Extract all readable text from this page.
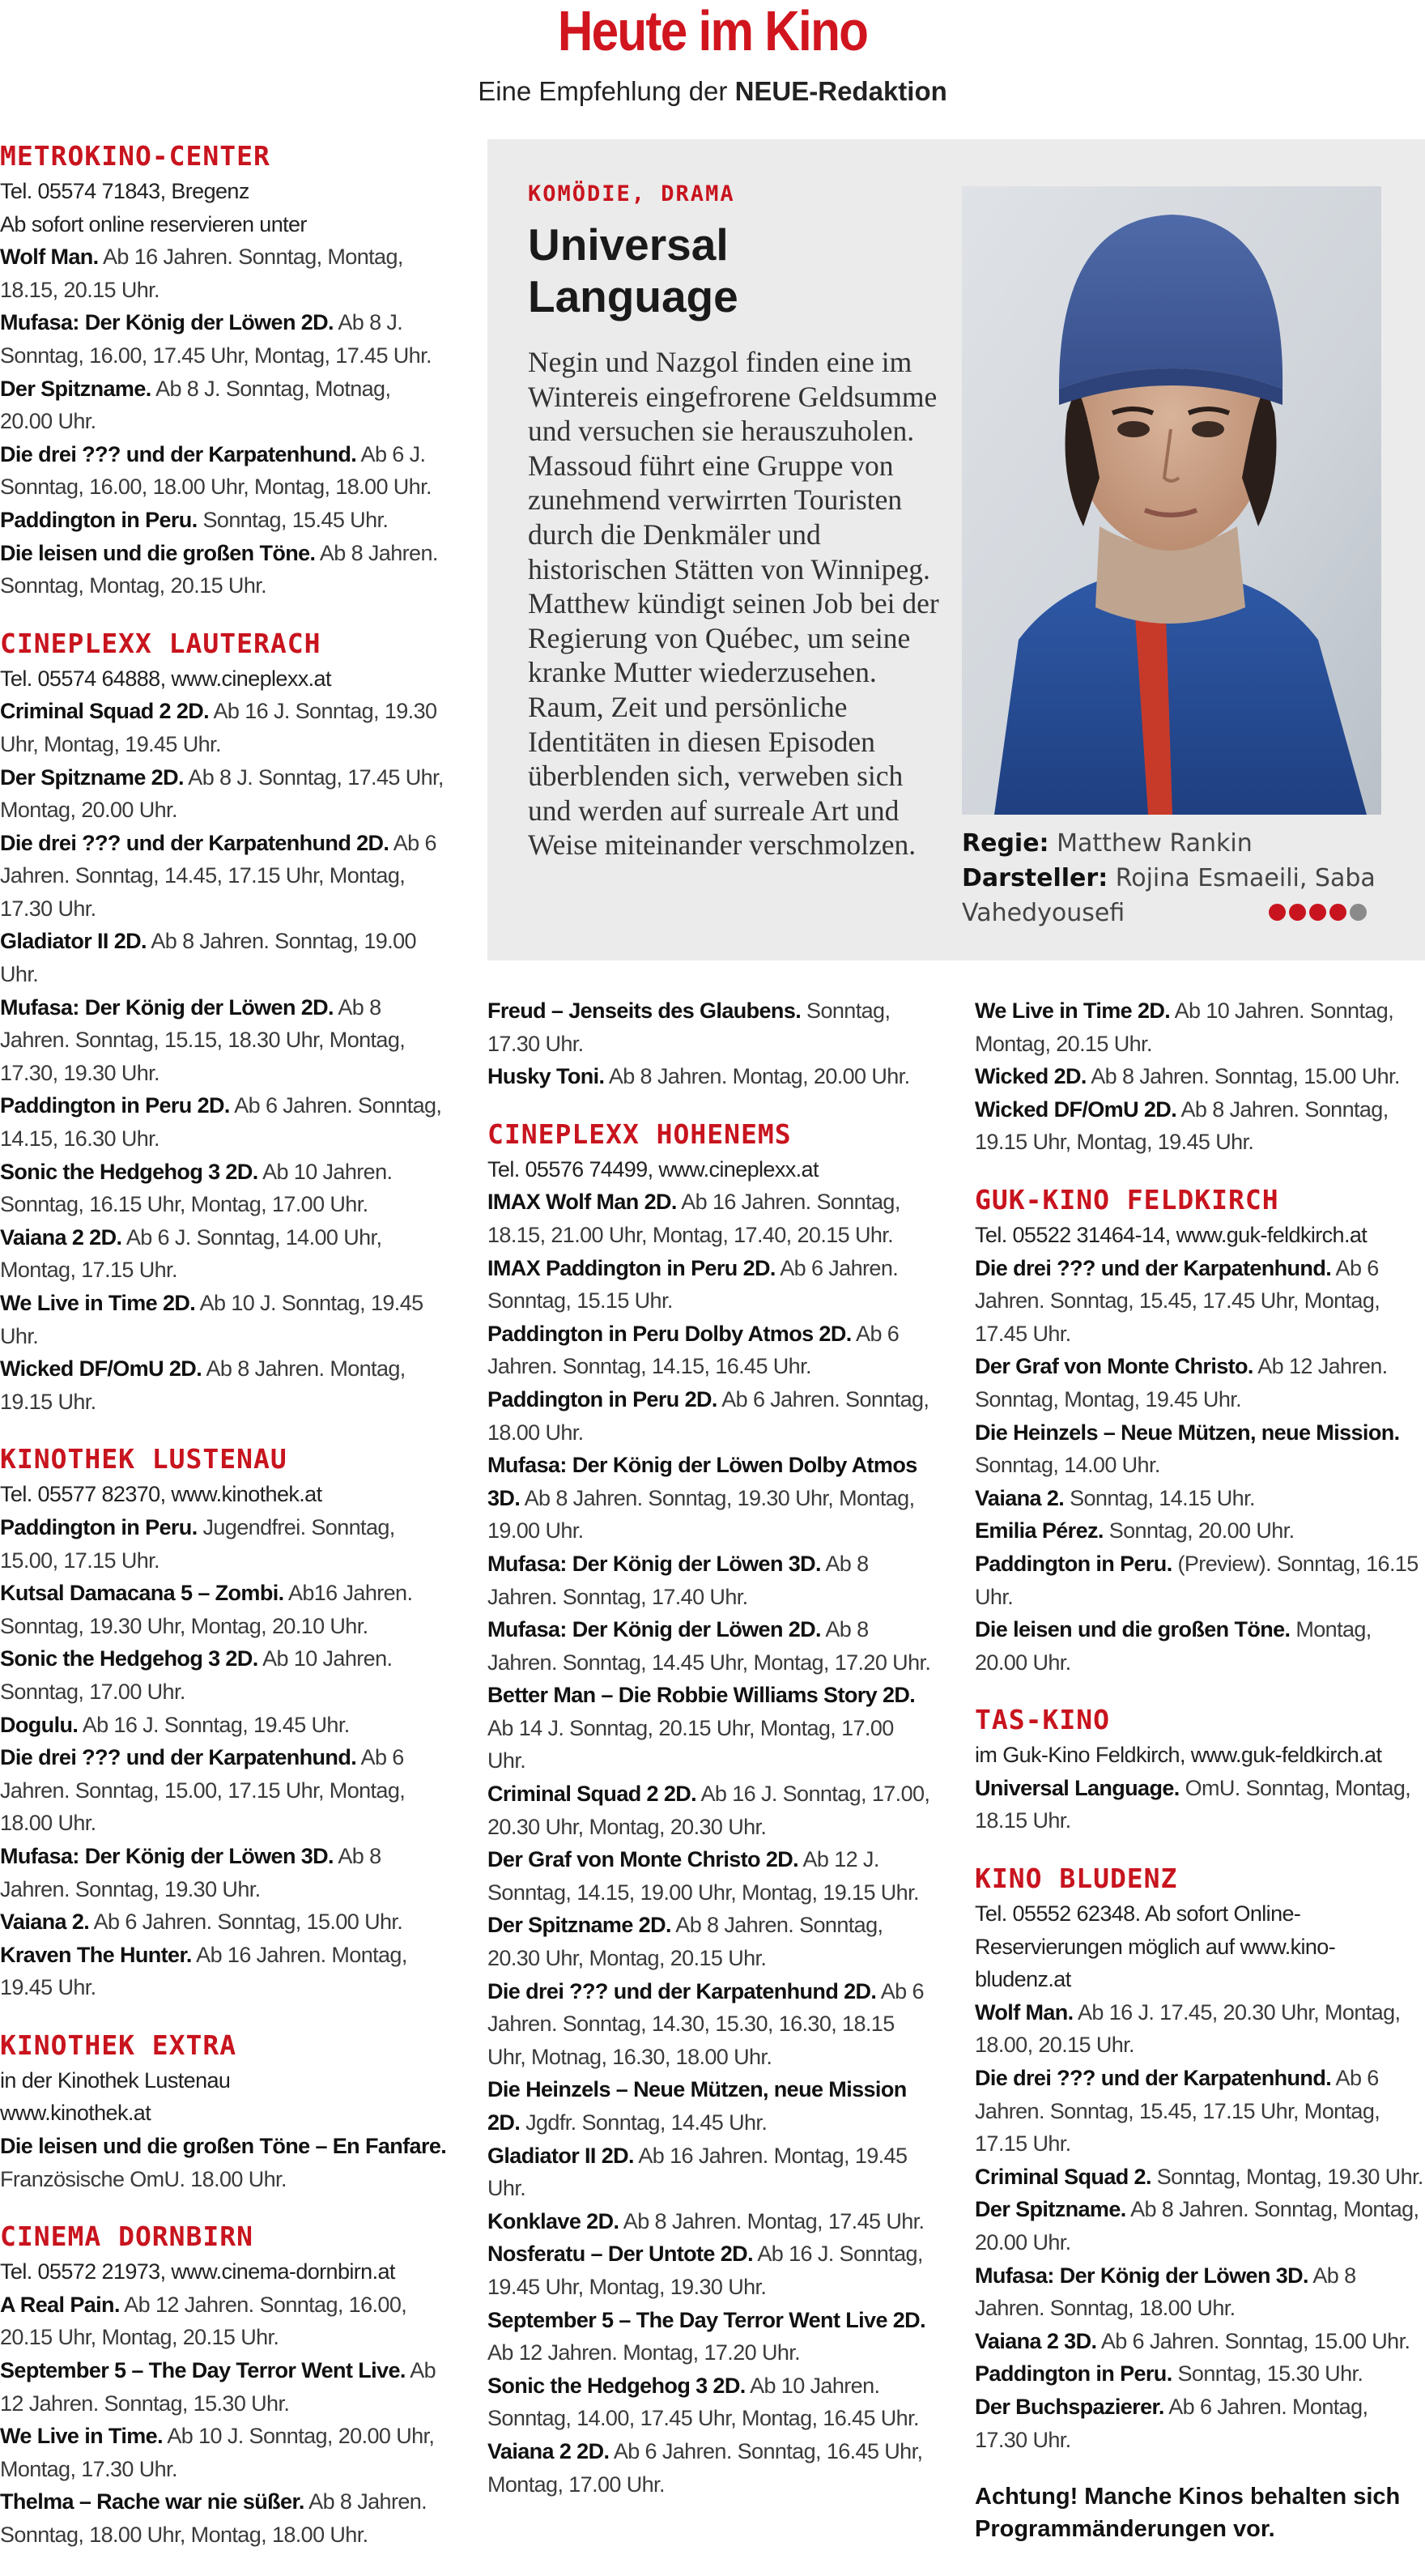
Heute im Kino
Eine Empfehlung der NEUE-Redaktion
METROKINO-CENTER
Tel. 05574 71843, Bregenz
Ab sofort online reservieren unter
Wolf Man. Ab 16 Jahren. Sonntag, Montag, 18.15, 20.15 Uhr.
Mufasa: Der König der Löwen 2D. Ab 8 J. Sonntag, 16.00, 17.45 Uhr, Montag, 17.45 Uhr.
Der Spitzname. Ab 8 J. Sonntag, Motnag, 20.00 Uhr.
Die drei ??? und der Karpatenhund. Ab 6 J. Sonntag, 16.00, 18.00 Uhr, Montag, 18.00 Uhr.
Paddington in Peru. Sonntag, 15.45 Uhr.
Die leisen und die großen Töne. Ab 8 Jahren. Sonntag, Montag, 20.15 Uhr.
CINEPLEXX LAUTERACH
Tel. 05574 64888, www.cineplexx.at
Criminal Squad 2 2D. Ab 16 J. Sonntag, 19.30 Uhr, Montag, 19.45 Uhr.
Der Spitzname 2D. Ab 8 J. Sonntag, 17.45 Uhr, Montag, 20.00 Uhr.
Die drei ??? und der Karpatenhund 2D. Ab 6 Jahren. Sonntag, 14.45, 17.15 Uhr, Montag, 17.30 Uhr.
Gladiator II 2D. Ab 8 Jahren. Sonntag, 19.00 Uhr.
Mufasa: Der König der Löwen 2D. Ab 8 Jahren. Sonntag, 15.15, 18.30 Uhr, Montag, 17.30, 19.30 Uhr.
Paddington in Peru 2D. Ab 6 Jahren. Sonntag, 14.15, 16.30 Uhr.
Sonic the Hedgehog 3 2D. Ab 10 Jahren. Sonntag, 16.15 Uhr, Montag, 17.00 Uhr.
Vaiana 2 2D. Ab 6 J. Sonntag, 14.00 Uhr, Montag, 17.15 Uhr.
We Live in Time 2D. Ab 10 J. Sonntag, 19.45 Uhr.
Wicked DF/OmU 2D. Ab 8 Jahren. Montag, 19.15 Uhr.
KINOTHEK LUSTENAU
Tel. 05577 82370, www.kinothek.at
Paddington in Peru. Jugendfrei. Sonntag, 15.00, 17.15 Uhr.
Kutsal Damacana 5 – Zombi. Ab16 Jahren. Sonntag, 19.30 Uhr, Montag, 20.10 Uhr.
Sonic the Hedgehog 3 2D. Ab 10 Jahren. Sonntag, 17.00 Uhr.
Dogulu. Ab 16 J. Sonntag, 19.45 Uhr.
Die drei ??? und der Karpatenhund. Ab 6 Jahren. Sonntag, 15.00, 17.15 Uhr, Montag, 18.00 Uhr.
Mufasa: Der König der Löwen 3D. Ab 8 Jahren. Sonntag, 19.30 Uhr.
Vaiana 2. Ab 6 Jahren. Sonntag, 15.00 Uhr.
Kraven The Hunter. Ab 16 Jahren. Montag, 19.45 Uhr.
KINOTHEK EXTRA
in der Kinothek Lustenau
www.kinothek.at
Die leisen und die großen Töne – En Fanfare. Französische OmU. 18.00 Uhr.
CINEMA DORNBIRN
Tel. 05572 21973, www.cinema-dornbirn.at
A Real Pain. Ab 12 Jahren. Sonntag, 16.00, 20.15 Uhr, Montag, 20.15 Uhr.
September 5 – The Day Terror Went Live. Ab 12 Jahren. Sonntag, 15.30 Uhr.
We Live in Time. Ab 10 J. Sonntag, 20.00 Uhr, Montag, 17.30 Uhr.
Thelma – Rache war nie süßer. Ab 8 Jahren. Sonntag, 18.00 Uhr, Montag, 18.00 Uhr.
KOMÖDIE, DRAMA
Universal
Language
Negin und Nazgol finden eine im Wintereis eingefrorene Geldsumme und versuchen sie herauszuholen. Massoud führt eine Gruppe von zunehmend verwirrten Touristen durch die Denkmäler und historischen Stätten von Winnipeg. Matthew kündigt seinen Job bei der Regierung von Québec, um seine kranke Mutter wiederzusehen. Raum, Zeit und persönliche Identitäten in diesen Episoden überblenden sich, verweben sich und werden auf surreale Art und Weise miteinander verschmolzen.	Regie: Matthew Rankin
Darsteller: Rojina Esmaeili, Saba Vahedyousefi
Freud – Jenseits des Glaubens. Sonntag, 17.30 Uhr.
Husky Toni. Ab 8 Jahren. Montag, 20.00 Uhr.
CINEPLEXX HOHENEMS
Tel. 05576 74499, www.cineplexx.at
IMAX Wolf Man 2D. Ab 16 Jahren. Sonntag, 18.15, 21.00 Uhr, Montag, 17.40, 20.15 Uhr.
IMAX Paddington in Peru 2D. Ab 6 Jahren. Sonntag, 15.15 Uhr.
Paddington in Peru Dolby Atmos 2D. Ab 6 Jahren. Sonntag, 14.15, 16.45 Uhr.
Paddington in Peru 2D. Ab 6 Jahren. Sonntag, 18.00 Uhr.
Mufasa: Der König der Löwen Dolby Atmos 3D. Ab 8 Jahren. Sonntag, 19.30 Uhr, Montag, 19.00 Uhr.
Mufasa: Der König der Löwen 3D. Ab 8 Jahren. Sonntag, 17.40 Uhr.
Mufasa: Der König der Löwen 2D. Ab 8 Jahren. Sonntag, 14.45 Uhr, Montag, 17.20 Uhr.
Better Man – Die Robbie Williams Story 2D. Ab 14 J. Sonntag, 20.15 Uhr, Montag, 17.00 Uhr.
Criminal Squad 2 2D. Ab 16 J. Sonntag, 17.00, 20.30 Uhr, Montag, 20.30 Uhr.
Der Graf von Monte Christo 2D. Ab 12 J. Sonntag, 14.15, 19.00 Uhr, Montag, 19.15 Uhr.
Der Spitzname 2D. Ab 8 Jahren. Sonntag, 20.30 Uhr, Montag, 20.15 Uhr.
Die drei ??? und der Karpatenhund 2D. Ab 6 Jahren. Sonntag, 14.30, 15.30, 16.30, 18.15 Uhr, Motnag, 16.30, 18.00 Uhr.
Die Heinzels – Neue Mützen, neue Mission 2D. Jgdfr. Sonntag, 14.45 Uhr.
Gladiator II 2D. Ab 16 Jahren. Montag, 19.45 Uhr.
Konklave 2D. Ab 8 Jahren. Montag, 17.45 Uhr.
Nosferatu – Der Untote 2D. Ab 16 J. Sonntag, 19.45 Uhr, Montag, 19.30 Uhr.
September 5 – The Day Terror Went Live 2D. Ab 12 Jahren. Montag, 17.20 Uhr.
Sonic the Hedgehog 3 2D. Ab 10 Jahren. Sonntag, 14.00, 17.45 Uhr, Montag, 16.45 Uhr.
Vaiana 2 2D. Ab 6 Jahren. Sonntag, 16.45 Uhr, Montag, 17.00 Uhr.
We Live in Time 2D. Ab 10 Jahren. Sonntag, Montag, 20.15 Uhr.
Wicked 2D. Ab 8 Jahren. Sonntag, 15.00 Uhr.
Wicked DF/OmU 2D. Ab 8 Jahren. Sonntag, 19.15 Uhr, Montag, 19.45 Uhr.
GUK-KINO FELDKIRCH
Tel. 05522 31464-14, www.guk-feldkirch.at
Die drei ??? und der Karpatenhund. Ab 6 Jahren. Sonntag, 15.45, 17.45 Uhr, Montag, 17.45 Uhr.
Der Graf von Monte Christo. Ab 12 Jahren. Sonntag, Montag, 19.45 Uhr.
Die Heinzels – Neue Mützen, neue Mission. Sonntag, 14.00 Uhr.
Vaiana 2. Sonntag, 14.15 Uhr.
Emilia Pérez. Sonntag, 20.00 Uhr.
Paddington in Peru. (Preview). Sonntag, 16.15 Uhr.
Die leisen und die großen Töne. Montag, 20.00 Uhr.
TAS-KINO
im Guk-Kino Feldkirch, www.guk-feldkirch.at
Universal Language. OmU. Sonntag, Montag, 18.15 Uhr.
KINO BLUDENZ
Tel. 05552 62348. Ab sofort Online-Reservierungen möglich auf www.kino-bludenz.at
Wolf Man. Ab 16 J. 17.45, 20.30 Uhr, Montag, 18.00, 20.15 Uhr.
Die drei ??? und der Karpatenhund. Ab 6 Jahren. Sonntag, 15.45, 17.15 Uhr, Montag, 17.15 Uhr.
Criminal Squad 2. Sonntag, Montag, 19.30 Uhr.
Der Spitzname. Ab 8 Jahren. Sonntag, Montag, 20.00 Uhr.
Mufasa: Der König der Löwen 3D. Ab 8 Jahren. Sonntag, 18.00 Uhr.
Vaiana 2 3D. Ab 6 Jahren. Sonntag, 15.00 Uhr.
Paddington in Peru. Sonntag, 15.30 Uhr.
Der Buchspazierer. Ab 6 Jahren. Montag, 17.30 Uhr.
Achtung! Manche Kinos behalten sich Programmänderungen vor.
